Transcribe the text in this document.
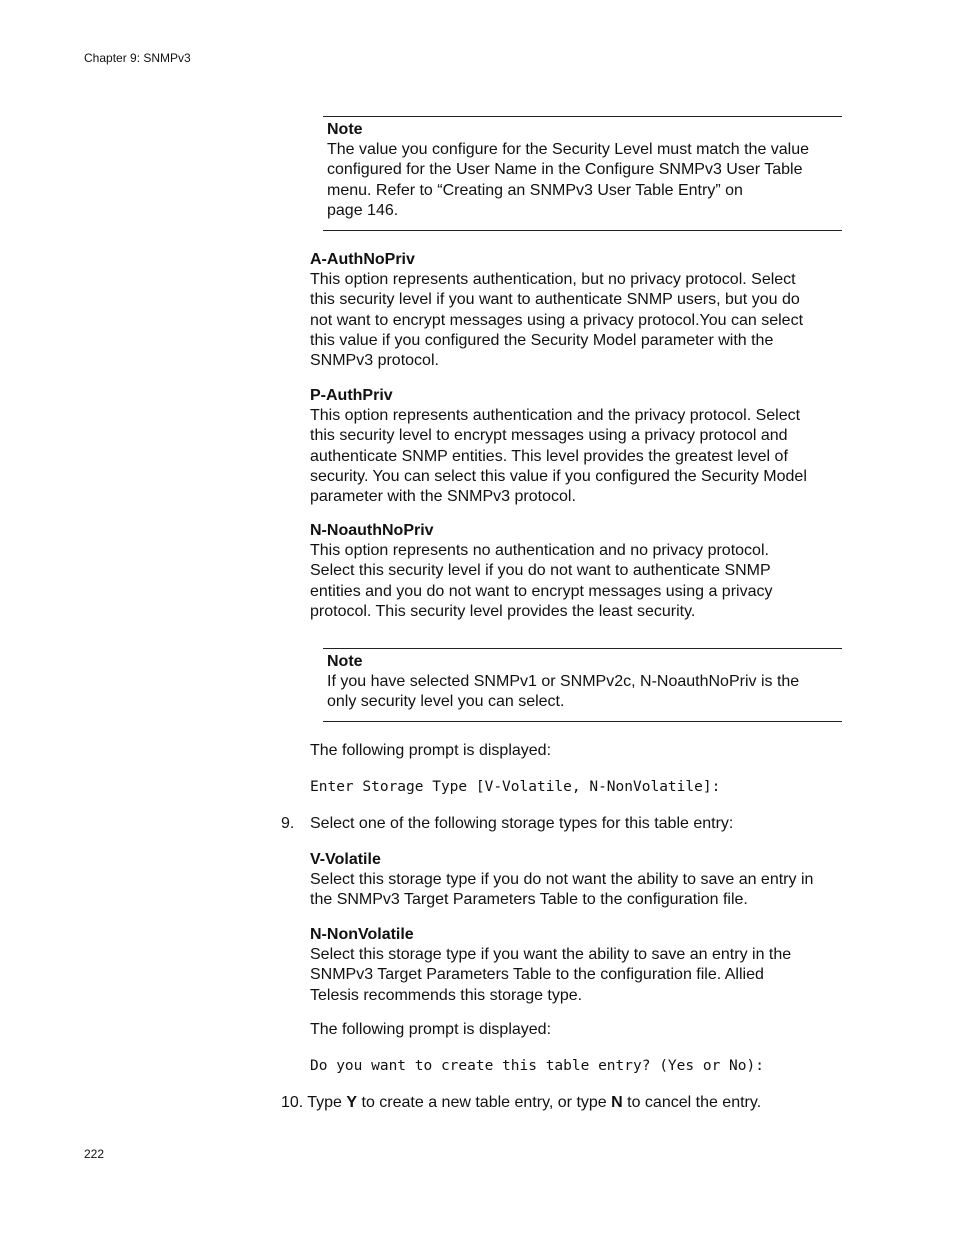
Chapter 9: SNMPv3
Note
The value you configure for the Security Level must match the value
configured for the User Name in the Configure SNMPv3 User Table
menu. Refer to “Creating an SNMPv3 User Table Entry” on
page 146.
A-AuthNoPriv
This option represents authentication, but no privacy protocol. Select
this security level if you want to authenticate SNMP users, but you do
not want to encrypt messages using a privacy protocol.You can select
this value if you configured the Security Model parameter with the
SNMPv3 protocol.
P-AuthPriv
This option represents authentication and the privacy protocol. Select
this security level to encrypt messages using a privacy protocol and
authenticate SNMP entities. This level provides the greatest level of
security. You can select this value if you configured the Security Model
parameter with the SNMPv3 protocol.
N-NoauthNoPriv
This option represents no authentication and no privacy protocol.
Select this security level if you do not want to authenticate SNMP
entities and you do not want to encrypt messages using a privacy
protocol. This security level provides the least security.
Note
If you have selected SNMPv1 or SNMPv2c, N-NoauthNoPriv is the
only security level you can select.
The following prompt is displayed:
Enter Storage Type [V-Volatile, N-NonVolatile]:
9. Select one of the following storage types for this table entry:
V-Volatile
Select this storage type if you do not want the ability to save an entry in
the SNMPv3 Target Parameters Table to the configuration file.
N-NonVolatile
Select this storage type if you want the ability to save an entry in the
SNMPv3 Target Parameters Table to the configuration file. Allied
Telesis recommends this storage type.
The following prompt is displayed:
Do you want to create this table entry? (Yes or No):
10. Type Y to create a new table entry, or type N to cancel the entry.
222
